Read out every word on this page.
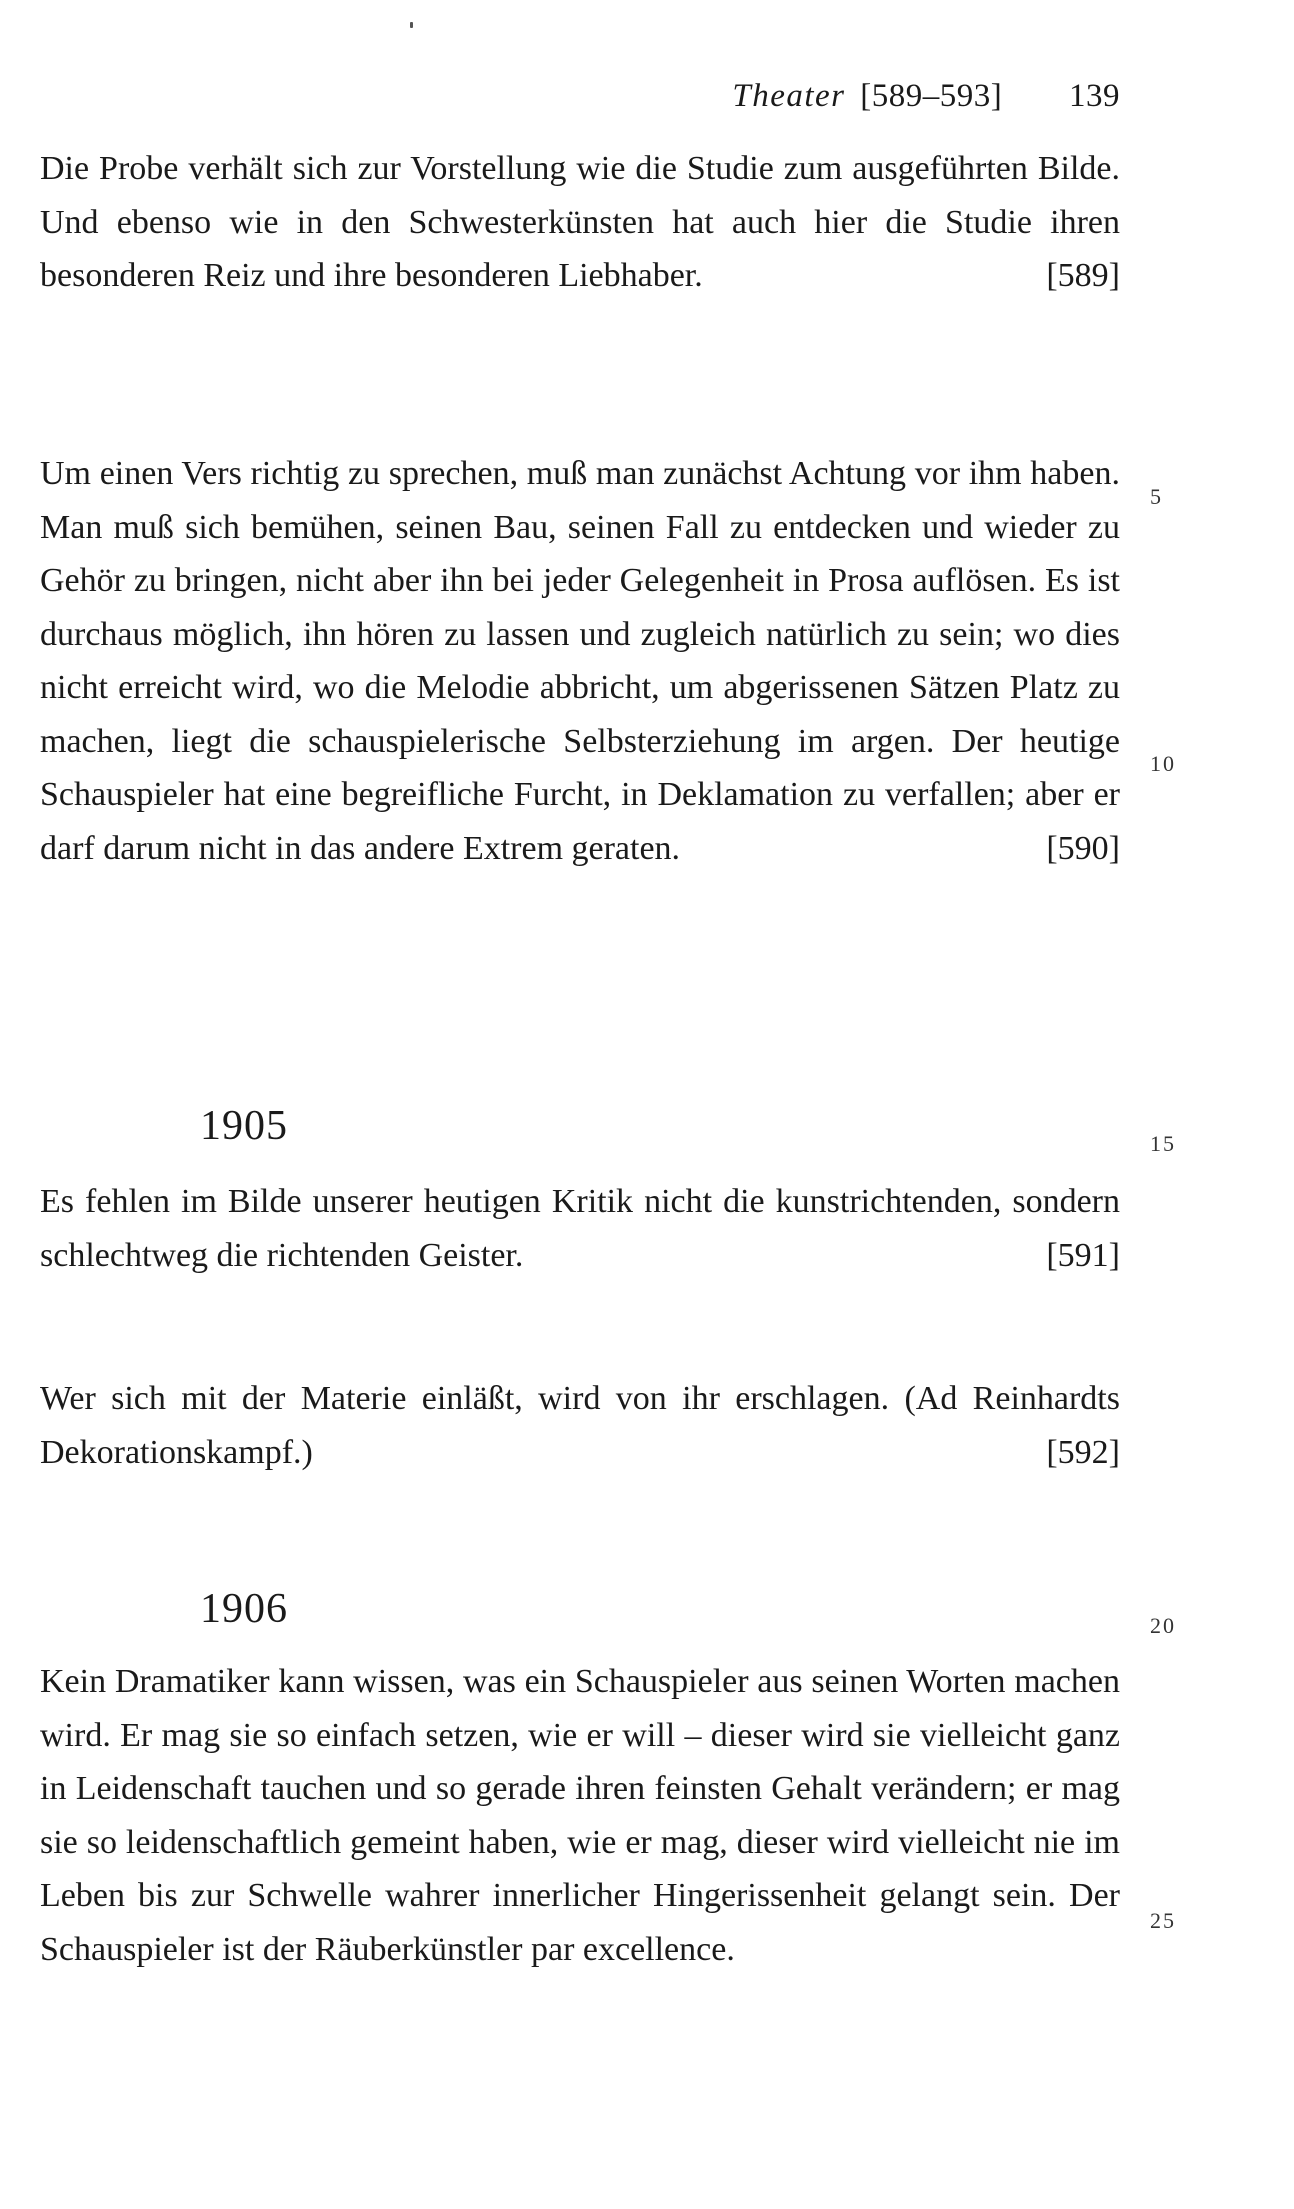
Theater [589–593] 139

Die Probe verhält sich zur Vorstellung wie die Studie zum ausgeführten Bilde. Und ebenso wie in den Schwesterkünsten hat auch hier die Studie ihren besonderen Reiz und ihre besonderen Liebhaber.	[589]

Um einen Vers richtig zu sprechen, muß man zunächst Achtung vor ihm haben. Man muß sich bemühen, seinen Bau, seinen Fall zu entdecken und wieder zu Gehör zu bringen, nicht aber ihn bei jeder Gelegenheit in Prosa auflösen. Es ist durchaus möglich, ihn hören zu lassen und zugleich natürlich zu sein; wo dies nicht erreicht wird, wo die Melodie abbricht, um abgerissenen Sätzen Platz zu machen, liegt die schauspielerische Selbsterziehung im argen. Der heutige Schauspieler hat eine begreifliche Furcht, in Deklamation zu verfallen; aber er darf darum nicht in das andere Extrem geraten.	[590]

1905

Es fehlen im Bilde unserer heutigen Kritik nicht die kunstrichtenden, sondern schlechtweg die richtenden Geister.	[591]

Wer sich mit der Materie einläßt, wird von ihr erschlagen. (Ad Reinhardts Dekorationskampf.)	[592]

1906

Kein Dramatiker kann wissen, was ein Schauspieler aus seinen Worten machen wird. Er mag sie so einfach setzen, wie er will – dieser wird sie vielleicht ganz in Leidenschaft tauchen und so gerade ihren feinsten Gehalt verändern; er mag sie so leidenschaftlich gemeint haben, wie er mag, dieser wird vielleicht nie im Leben bis zur Schwelle wahrer innerlicher Hingerissenheit gelangt sein. Der Schauspieler ist der Räuberkünstler par excellence.

5
10
15
20
25
